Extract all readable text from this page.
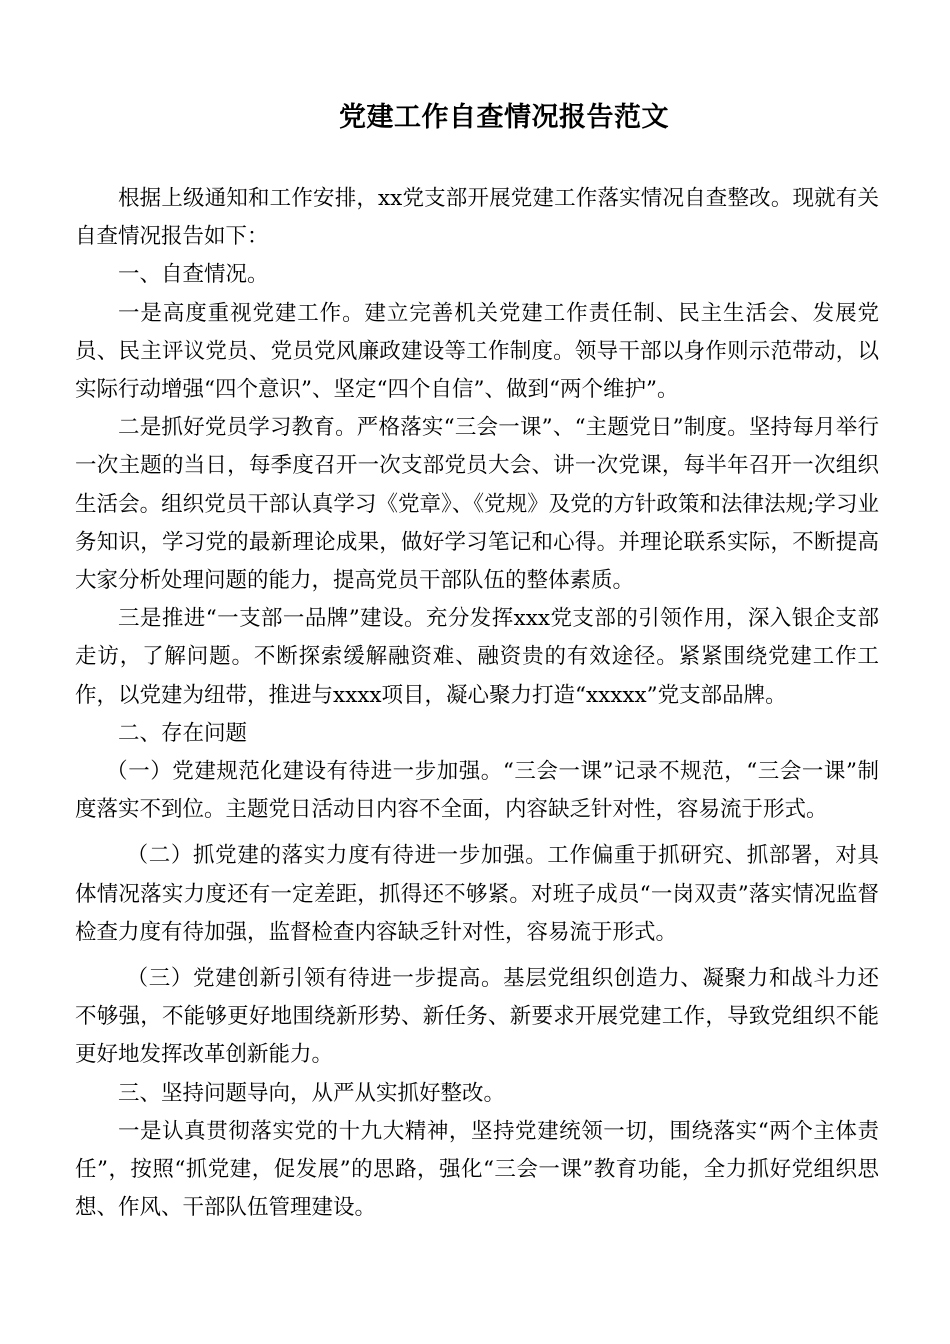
党建工作自查情况报告范文

根据上级通知和工作安排，xx党支部开展党建工作落实情况自查整改。现就有关自查情况报告如下：

一、自查情况。

一是高度重视党建工作。建立完善机关党建工作责任制、民主生活会、发展党员、民主评议党员、党员党风廉政建设等工作制度。领导干部以身作则示范带动，以实际行动增强“四个意识”、坚定“四个自信”、做到“两个维护”。

二是抓好党员学习教育。严格落实“三会一课”、“主题党日”制度。坚持每月举行一次主题的当日，每季度召开一次支部党员大会、讲一次党课，每半年召开一次组织生活会。组织党员干部认真学习《党章》、《党规》及党的方针政策和法律法规;学习业务知识，学习党的最新理论成果，做好学习笔记和心得。并理论联系实际，不断提高大家分析处理问题的能力，提高党员干部队伍的整体素质。

三是推进“一支部一品牌”建设。充分发挥xxx党支部的引领作用，深入银企支部走访，了解问题。不断探索缓解融资难、融资贵的有效途径。紧紧围绕党建工作工作，以党建为纽带，推进与xxxx项目，凝心聚力打造“xxxxx”党支部品牌。

二、存在问题

（一）党建规范化建设有待进一步加强。“三会一课”记录不规范，“三会一课”制度落实不到位。主题党日活动日内容不全面，内容缺乏针对性，容易流于形式。

（二）抓党建的落实力度有待进一步加强。工作偏重于抓研究、抓部署，对具体情况落实力度还有一定差距，抓得还不够紧。对班子成员“一岗双责”落实情况监督检查力度有待加强，监督检查内容缺乏针对性，容易流于形式。

（三）党建创新引领有待进一步提高。基层党组织创造力、凝聚力和战斗力还不够强，不能够更好地围绕新形势、新任务、新要求开展党建工作，导致党组织不能更好地发挥改革创新能力。

三、坚持问题导向，从严从实抓好整改。

一是认真贯彻落实党的十九大精神，坚持党建统领一切，围绕落实“两个主体责任”，按照“抓党建，促发展”的思路，强化“三会一课”教育功能，全力抓好党组织思想、作风、干部队伍管理建设。
